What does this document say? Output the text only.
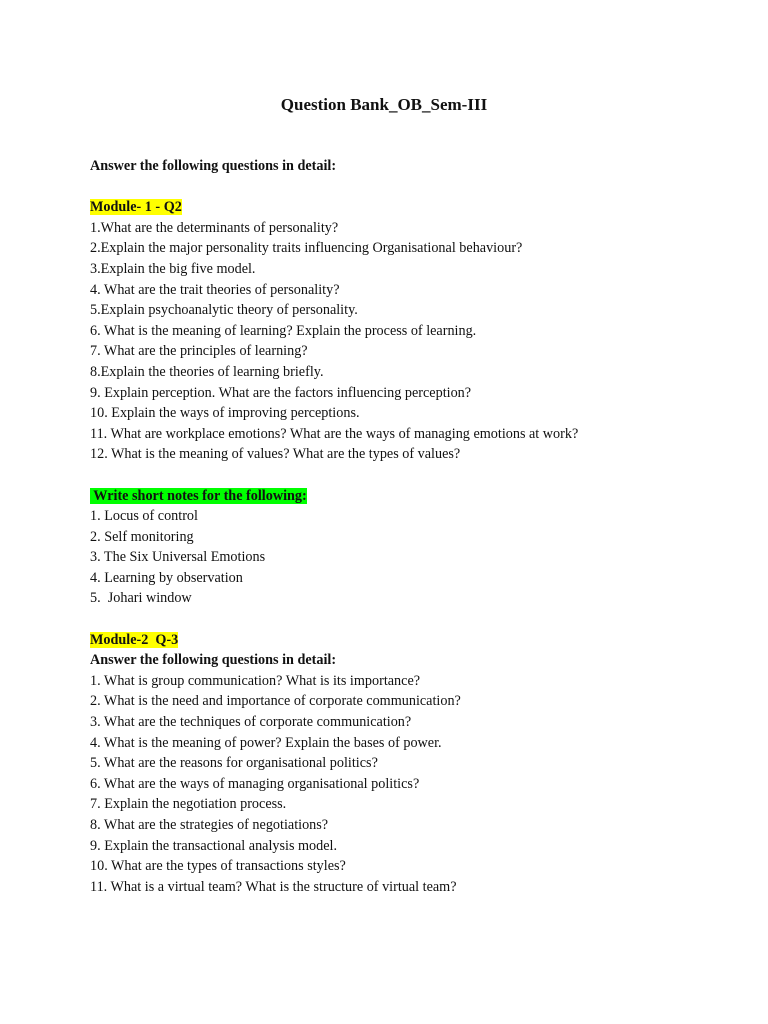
Question Bank_OB_Sem-III
Answer the following questions in detail:
Module- 1 - Q2
1.What are the determinants of personality?
2.Explain the major personality traits influencing Organisational behaviour?
3.Explain the big five model.
4. What are the trait theories of personality?
5.Explain psychoanalytic theory of personality.
6. What is the meaning of learning? Explain the process of learning.
7. What are the principles of learning?
8.Explain the theories of learning briefly.
9. Explain perception. What are the factors influencing perception?
10. Explain the ways of improving perceptions.
11. What are workplace emotions? What are the ways of managing emotions at work?
12. What is the meaning of values? What are the types of values?
Write short notes for the following:
1. Locus of control
2. Self monitoring
3. The Six Universal Emotions
4. Learning by observation
5.  Johari window
Module-2  Q-3
Answer the following questions in detail:
1. What is group communication? What is its importance?
2. What is the need and importance of corporate communication?
3. What are the techniques of corporate communication?
4. What is the meaning of power? Explain the bases of power.
5. What are the reasons for organisational politics?
6. What are the ways of managing organisational politics?
7. Explain the negotiation process.
8. What are the strategies of negotiations?
9. Explain the transactional analysis model.
10. What are the types of transactions styles?
11. What is a virtual team? What is the structure of virtual team?
